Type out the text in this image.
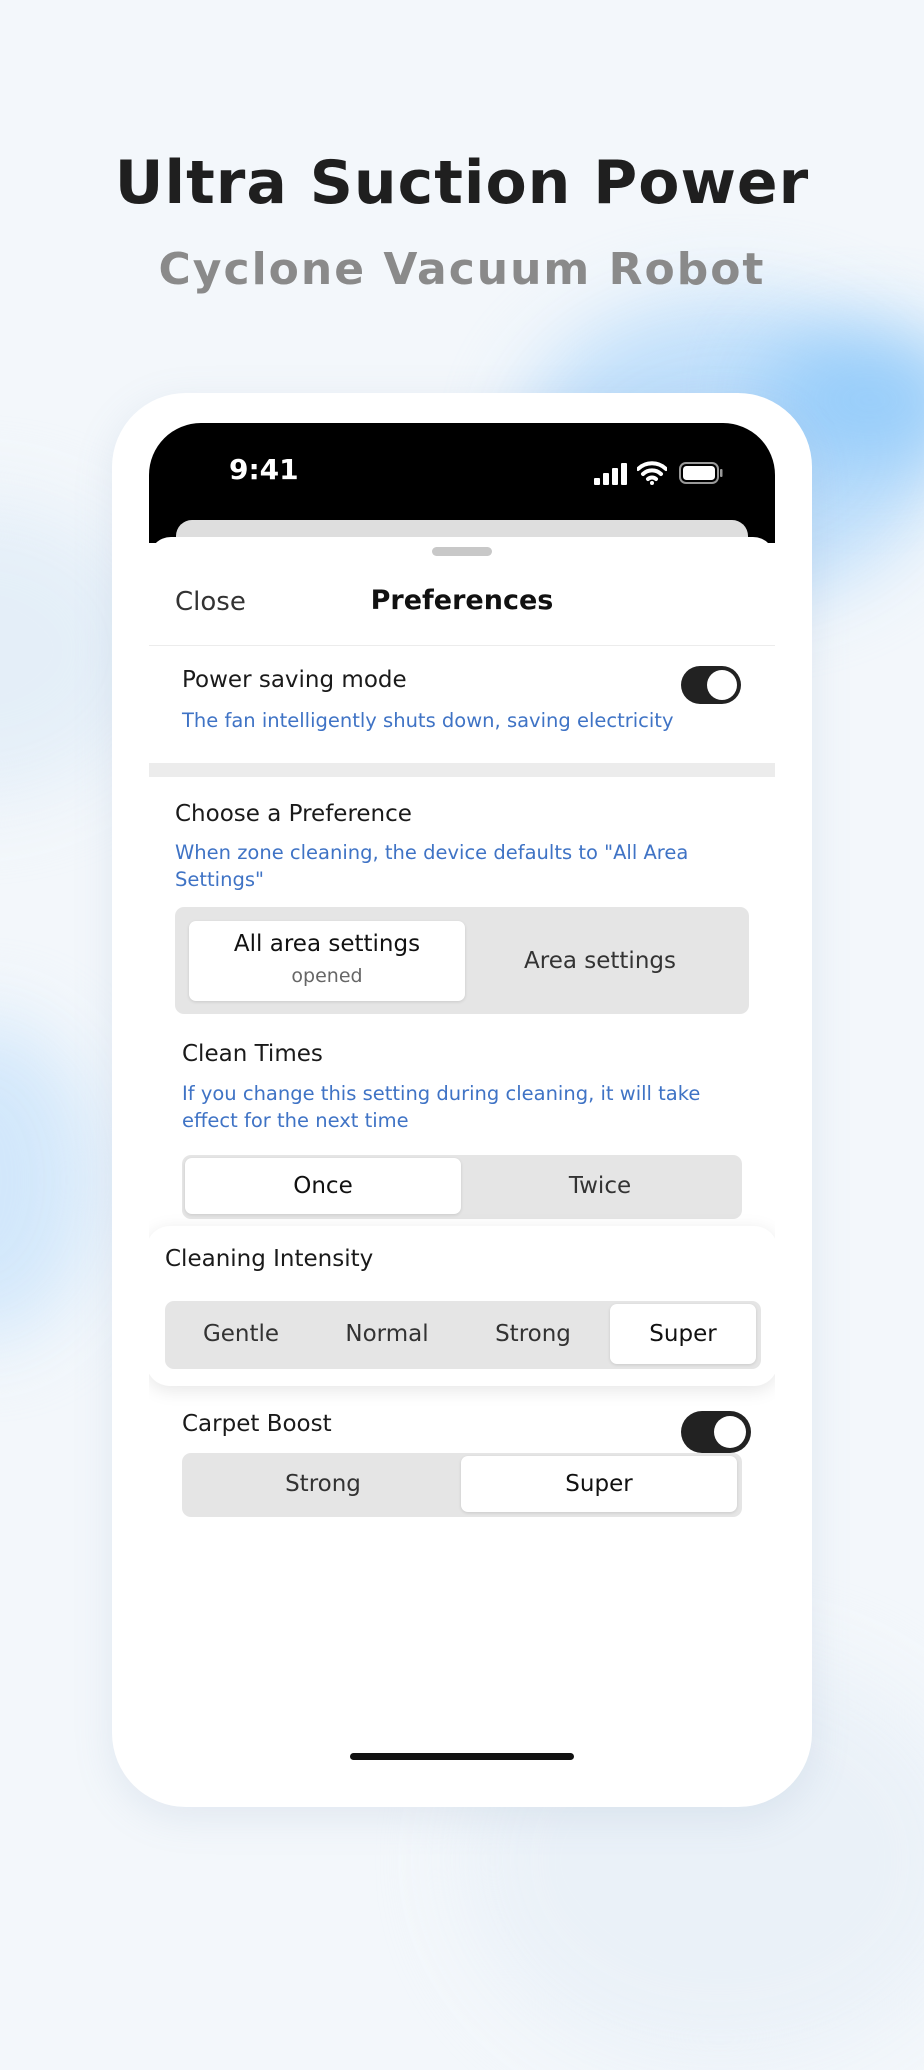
Ultra Suction Power
Cyclone Vacuum Robot
9:41
Close	Preferences
Power saving mode
The fan intelligently shuts down, saving electricity
Choose a Preference
When zone cleaning, the device defaults to "All Area Settings"
All area settings
opened
Area settings
Clean Times
If you change this setting during cleaning, it will take effect for the next time
Once	Twice
Cleaning Intensity
Gentle	Normal	Strong	Super
Carpet Boost
Strong	Super
